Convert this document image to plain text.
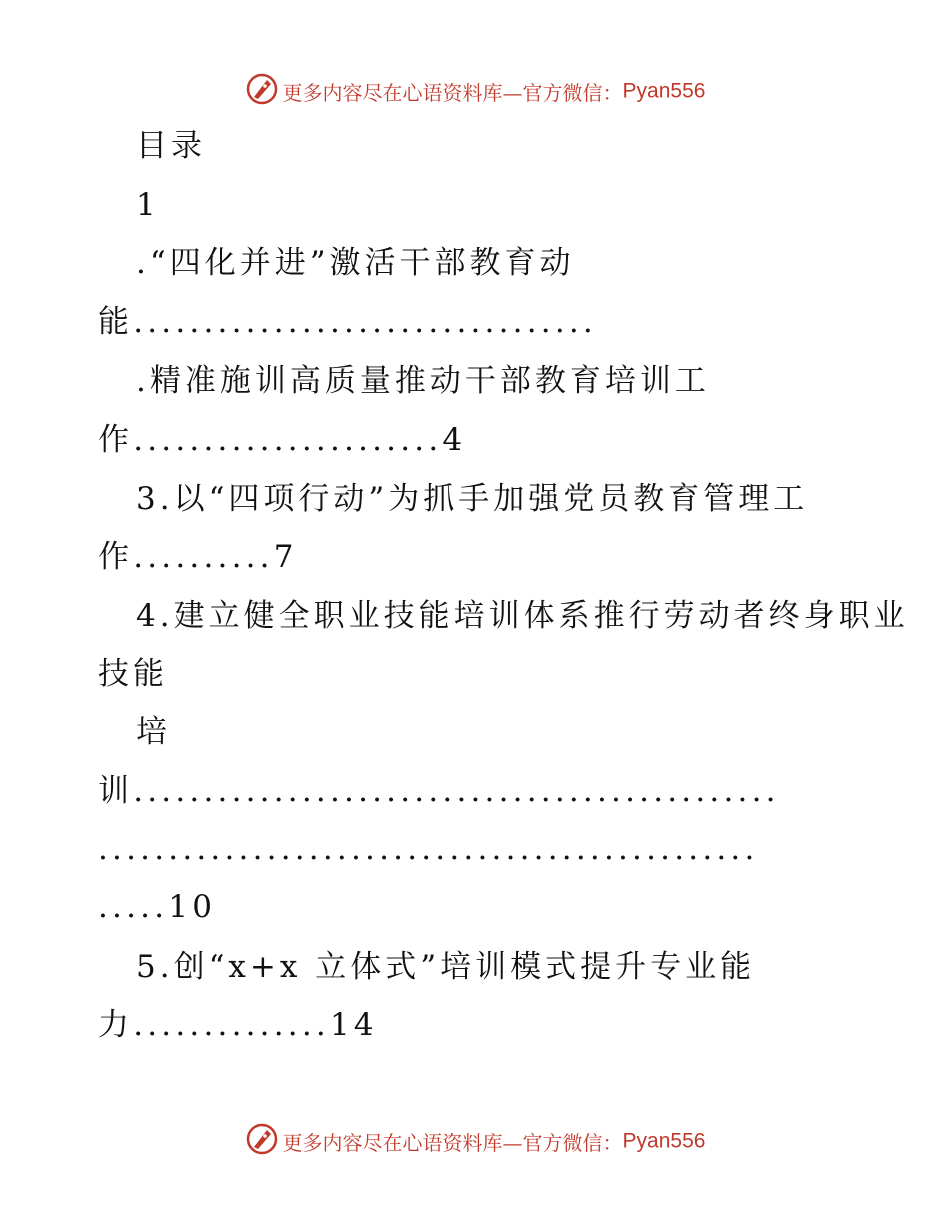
更多内容尽在心语资料库—官方微信：Pyan556
目录
1
.“四化并进”激活干部教育动
能.................................
.精准施训高质量推动干部教育培训工
作......................4
3.以“四项行动”为抓手加强党员教育管理工
作..........7
4.建立健全职业技能培训体系推行劳动者终身职业
技能
培
训..............................................
...............................................
.....10
5.创“x+x 立体式”培训模式提升专业能
力..............14
更多内容尽在心语资料库—官方微信：Pyan556
